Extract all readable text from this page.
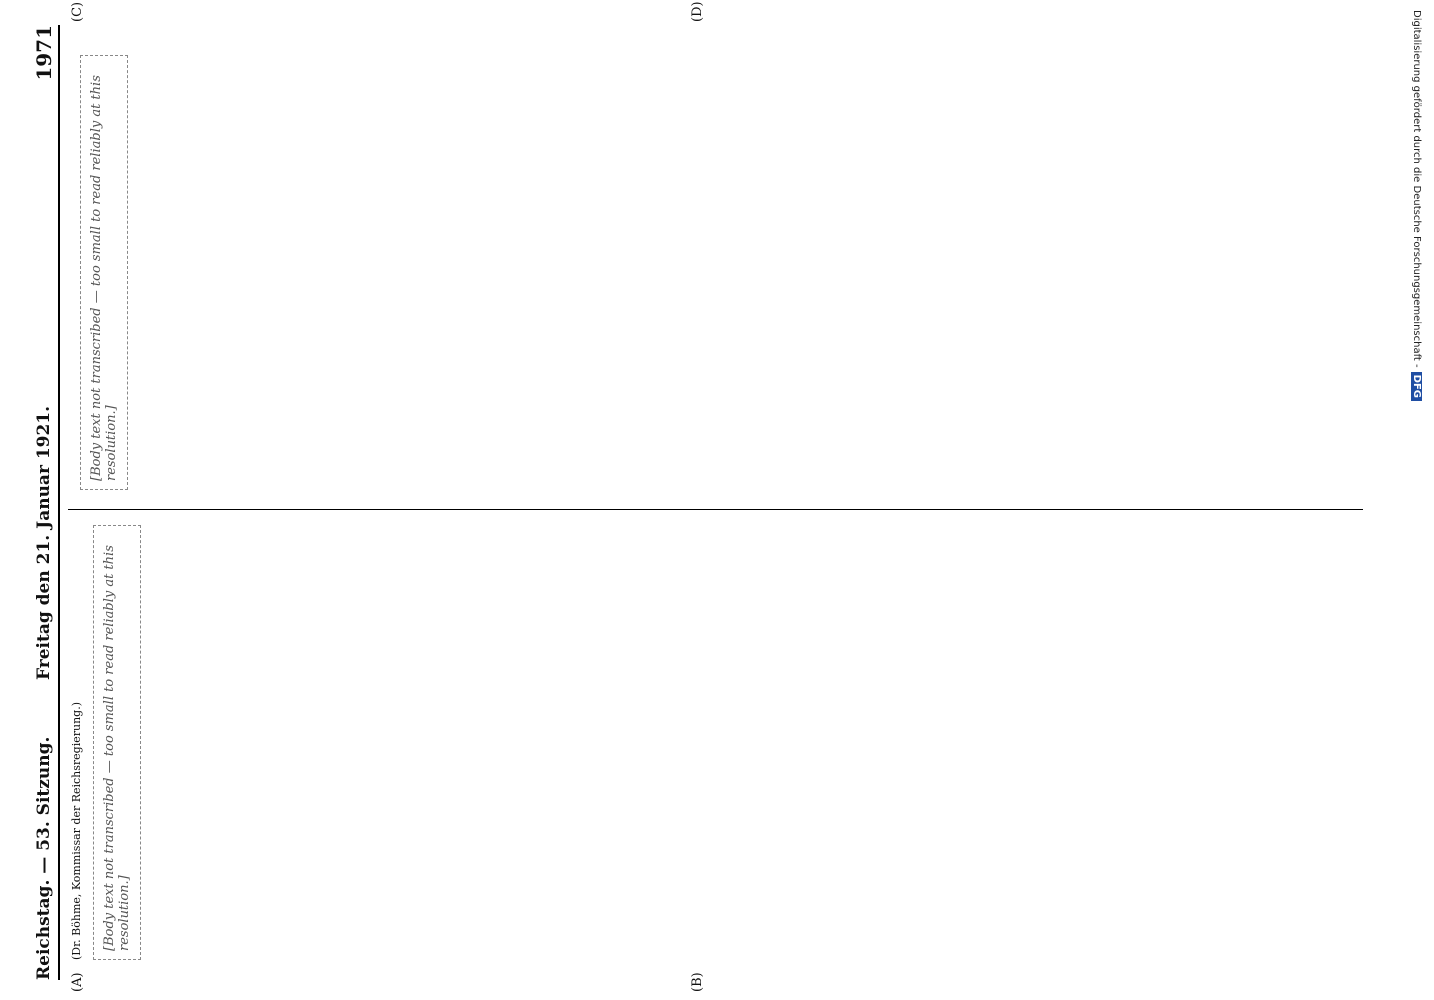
Reichstag. — 53. Sitzung.
Freitag den 21. Januar 1921.
1971
(A)	(B)
(C)	(D)

(Dr. Böhme, Kommissar der Reichsregierung.)	[Body text not transcribed — too small to read reliably at this resolution.]
[Body text not transcribed — too small to read reliably at this resolution.]
Digitalisierung gefördert durch die Deutsche Forschungsgemeinschaft -DFG
